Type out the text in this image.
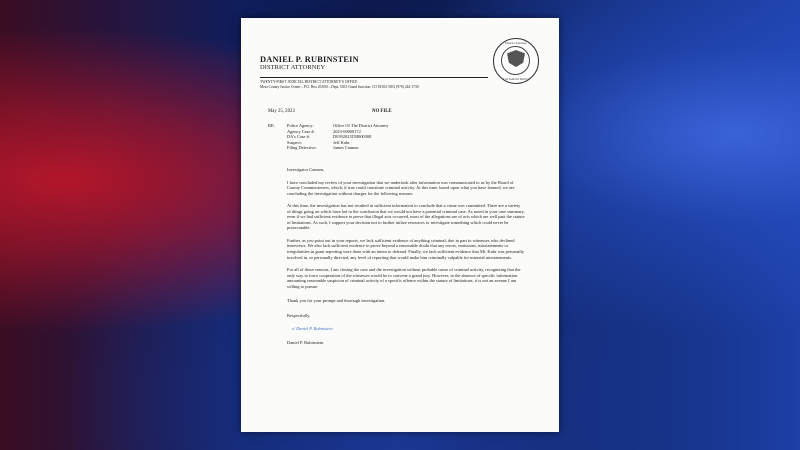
DANIEL P. RUBINSTEIN
DISTRICT ATTORNEY
TWENTY-FIRST JUDICIAL DISTRICT ATTORNEY'S OFFICE
Mesa County Justice Center – P.O. Box 20,000 – Dept. 5031 Grand Junction, CO 81502-5031 (970) 244-1730
District Attorney
21st Judicial District
May 25, 2023	NO FILE
RE:	Police Agency:	Office Of The District Attorney
Agency Case #:	2023-00000172
DA's Case #:	D0392023TM000308
Suspect:	Jeff Kuhr
Filing Detective:	James Cannon
Investigator Cannon,
I have concluded my review of your investigation that we undertook after information was communicated to us by the Board of County Commissioners, which, if true could constitute criminal activity. At this time, based upon what you have learned, we are concluding the investigation without charges for the following reasons:
At this time, the investigation has not resulted in sufficient information to conclude that a crime was committed. There are a variety of things going on which have led to the conclusion that we would not have a potential criminal case. As noted in your case summary, even if we had sufficient evidence to prove that illegal acts occurred, most of the allegations are of acts which are well past the statute of limitations. As such, I support your decision not to further utilize resources to investigate something which could never be prosecutable.
Further, as you point out in your reports, we lack sufficient evidence of anything criminal, due in part to witnesses who declined interviews. We also lack sufficient evidence to prove beyond a reasonable doubt that any errors, omissions, misstatements or irregularities in grant reporting were done with an intent to defraud. Finally, we lack sufficient evidence that Mr. Kuhr was personally involved in, or personally directed, any level of reporting that would make him criminally culpable for material misstatements.
For all of those reasons, I am closing the case and the investigation without probable cause of criminal activity, recognizing that the only way to force cooperation of the witnesses would be to convene a grand jury. However, in the absence of specific information amounting reasonable suspicion of criminal activity of a specific offense within the statute of limitations, it is not an avenue I am willing to pursue.
Thank you for your prompt and thorough investigation.
Respectfully,
s/ Daniel P. Rubinstein
Daniel P. Rubinstein
